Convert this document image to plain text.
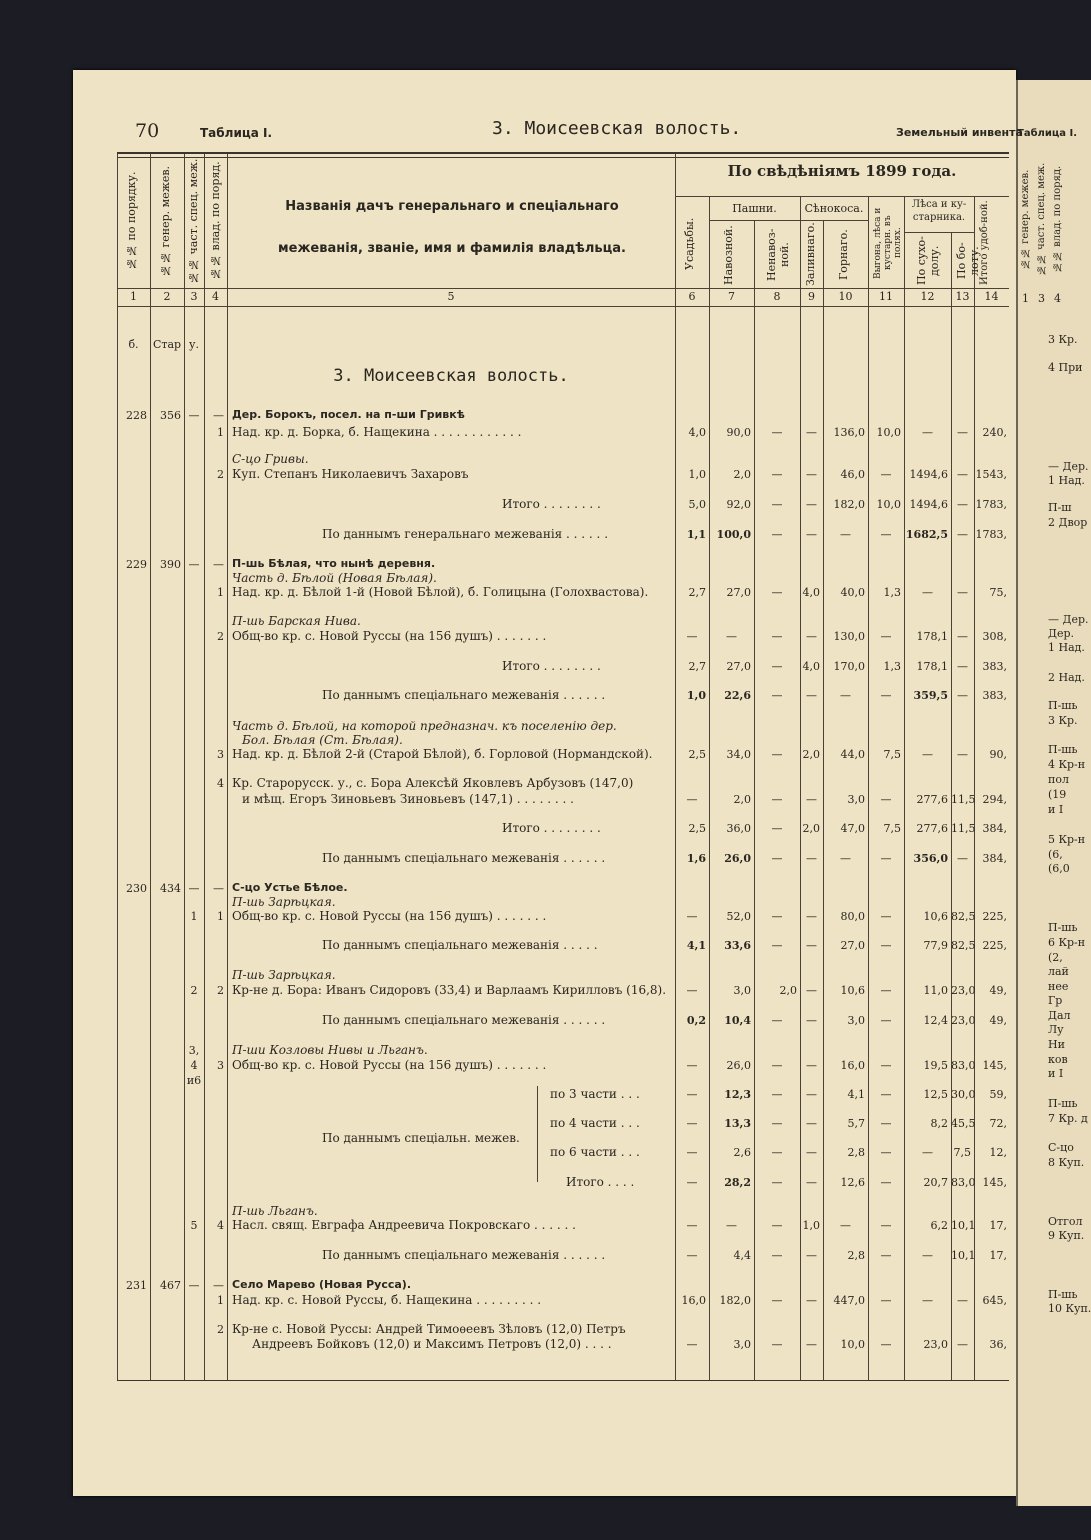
70	Таблица I.	3. Моисеевская волость.	Земельный инвента
№№ по порядку. №№ генер. межев. №№ част. спец. меж. №№ влад. по поряд.	Названія дачъ генеральнаго и спеціальнаго межеванія, званіе, имя и фамилія владѣльца.
По свѣдѣніямъ 1899 года.
Усадьбы.
Пашни.
Навозной.	Ненавоз-ной.
Сѣнокоса.
Заливнаго. Горнаго.	Выгона, лѣса и кустарн. въ полях.
Лѣса и ку-старника.
По сухо-долу. По бо-лоту.
Итого удоб-ной.
1	2	3	4	5	6	7	8	9	10	11	12	13	14
б.	Стар у.
3. Моисеевская волость.
228	356 —	— Дер. Борокъ, посел. на п-ши Гривкѣ
1 Над. кр. д. Борка, б. Нащекина . . . . . . . . . . . .	4,0	90,0	—	—	136,0	10,0	—	—	240,
С-цо Гривы.
2 Куп. Степанъ Николаевичъ Захаровъ	1,0	2,0	—	—	46,0	—	1494,6 — 1543,
Итого . . . . . . . .	5,0	92,0	—	—	182,0	10,0 1494,6 — 1783,
По даннымъ генеральнаго межеванія . . . . . .	1,1 100,0	—	—	—	—	1682,5 — 1783,
229	390 —	— П-шь Бѣлая, что нынѣ деревня.
Часть д. Бѣлой (Новая Бѣлая).
1 Над. кр. д. Бѣлой 1-й (Новой Бѣлой), б. Голицына (Голохвастова).	2,7	27,0	—	4,0	40,0	1,3	—	—	75,
П-шь Барская Нива.
2 Общ-во кр. с. Новой Руссы (на 156 душъ) . . . . . . .	—	—	—	—	130,0	—	178,1 —	308,
Итого . . . . . . . .	2,7	27,0	—	4,0	170,0	1,3	178,1 —	383,
По даннымъ спеціальнаго межеванія . . . . . .	1,0	22,6	—	—	—	—	359,5 —	383,
Часть д. Бѣлой, на которой предназнач. къ поселенію дер.
Бол. Бѣлая (Ст. Бѣлая).
3 Над. кр. д. Бѣлой 2-й (Старой Бѣлой), б. Горловой (Нормандской).	2,5	34,0	—	2,0	44,0	7,5	—	—	90,
4 Кр. Старорусск. у., с. Бора Алексѣй Яковлевъ Арбузовъ (147,0)
и мѣщ. Егоръ Зиновьевъ Зиновьевъ (147,1) . . . . . . . .	—	2,0	—	—	3,0	—	277,6 11,5 294,
Итого . . . . . . . .	2,5	36,0	—	2,0	47,0	7,5	277,6 11,5 384,
По даннымъ спеціальнаго межеванія . . . . . .	1,6	26,0	—	—	—	—	356,0 —	384,
230	434 —	— С-цо Устье Бѣлое.
П-шь Зарѣцкая.
1	1 Общ-во кр. с. Новой Руссы (на 156 душъ) . . . . . . .	—	52,0	—	—	80,0	—	10,6 82,5 225,
По даннымъ спеціальнаго межеванія . . . . .	4,1	33,6	—	—	27,0	—	77,9 82,5 225,
П-шь Зарѣцкая.
2	2 Кр-не д. Бора: Иванъ Сидоровъ (33,4) и Варлаамъ Кирилловъ (16,8).	—	3,0	2,0 —	10,6	—	11,0 23,0	49,
По даннымъ спеціальнаго межеванія . . . . . .	0,2	10,4	—	—	3,0	—	12,4 23,0	49,
3,	П-ши Козловы Нивы и Льганъ.
4	3 Общ-во кр. с. Новой Руссы (на 156 душъ) . . . . . . .	—	26,0	—	—	16,0	—	19,5 83,0 145,
и6
по 3 части . . .	—	12,3	—	—	4,1	—	12,5 30,0	59,
по 4 части . . .	—	13,3	—	—	5,7	—	8,2 45,5	72,
По даннымъ спеціальн. межев.
по 6 части . . .	—	2,6	—	—	2,8	—	—	7,5	12,
Итого . . . .	—	28,2	—	—	12,6	—	20,7 83,0 145,
П-шь Льганъ.
5	4 Насл. свящ. Евграфа Андреевича Покровскаго . . . . . .	—	—	—	1,0	—	—	6,2 10,1	17,
По даннымъ спеціальнаго межеванія . . . . . .	—	4,4	—	—	2,8	—	—	10,1	17,
231	467 —	— Село Марево (Новая Русса).
1 Над. кр. с. Новой Руссы, б. Нащекина . . . . . . . . .	16,0	182,0	—	—	447,0	—	—	—	645,
2 Кр-не с. Новой Руссы: Андрей Тимоѳеевъ Зѣловъ (12,0) Петръ
Андреевъ Бойковъ (12,0) и Максимъ Петровъ (12,0) . . . .	—	3,0	—	—	10,0	—	23,0 —	36,
Таблица I.
№№ генер. межев. №№ част. спец. меж. №№ влад. по поряд.
1 3 4
3 Кр.
4 При
— Дер.
1 Над.
П-ш
2 Двор
— Дер.
Дер.
1 Над.
2 Над.
П-шь
3 Кр.
П-шь
4 Кр-н
пол
(19
и I
5 Кр-н
(6,
(6,0
П-шь
6 Кр-н
(2,
лай
нее
Гр
Дал
Лу
Ни
ков
и I
П-шь
7 Кр. д
С-цо
8 Куп.
Отгол
9 Куп.
П-шь
10 Куп.
